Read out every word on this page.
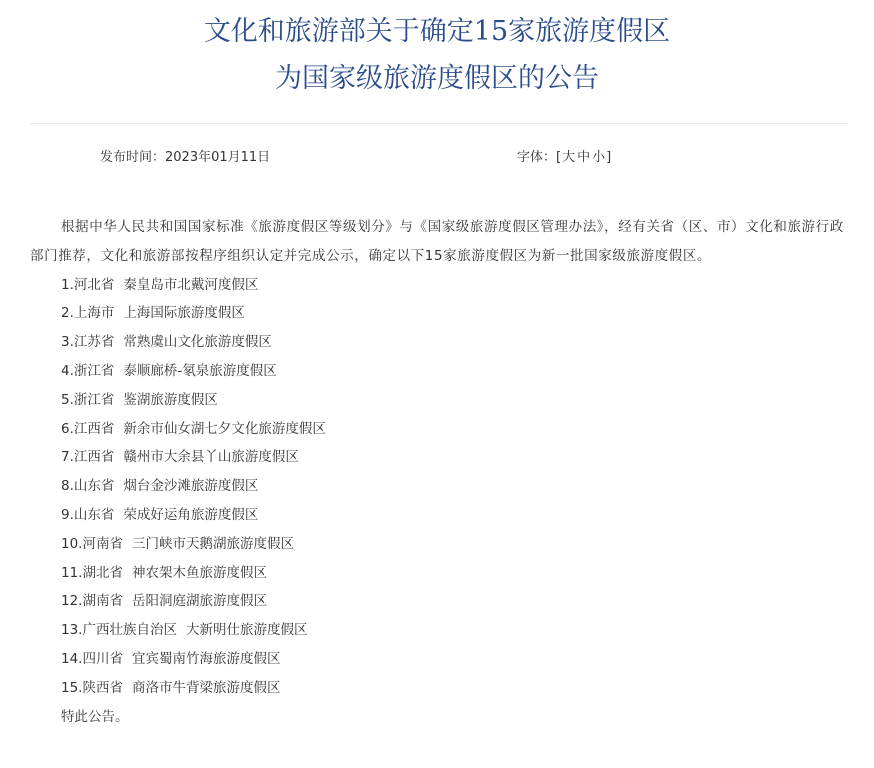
文化和旅游部关于确定15家旅游度假区
为国家级旅游度假区的公告
发布时间：2023年01月11日	字体：[大 中 小]

根据中华人民共和国国家标准《旅游度假区等级划分》与《国家级旅游度假区管理办法》，经有关省（区、市）文化和旅游行政部门推荐，文化和旅游部按程序组织认定并完成公示，确定以下15家旅游度假区为新一批国家级旅游度假区。

1.河北省 秦皇岛市北戴河度假区
2.上海市 上海国际旅游度假区
3.江苏省 常熟虞山文化旅游度假区
4.浙江省 泰顺廊桥-氡泉旅游度假区
5.浙江省 鉴湖旅游度假区
6.江西省 新余市仙女湖七夕文化旅游度假区
7.江西省 赣州市大余县丫山旅游度假区
8.山东省 烟台金沙滩旅游度假区
9.山东省 荣成好运角旅游度假区
10.河南省 三门峡市天鹅湖旅游度假区
11.湖北省 神农架木鱼旅游度假区
12.湖南省 岳阳洞庭湖旅游度假区
13.广西壮族自治区 大新明仕旅游度假区
14.四川省 宜宾蜀南竹海旅游度假区
15.陕西省 商洛市牛背梁旅游度假区

特此公告。
